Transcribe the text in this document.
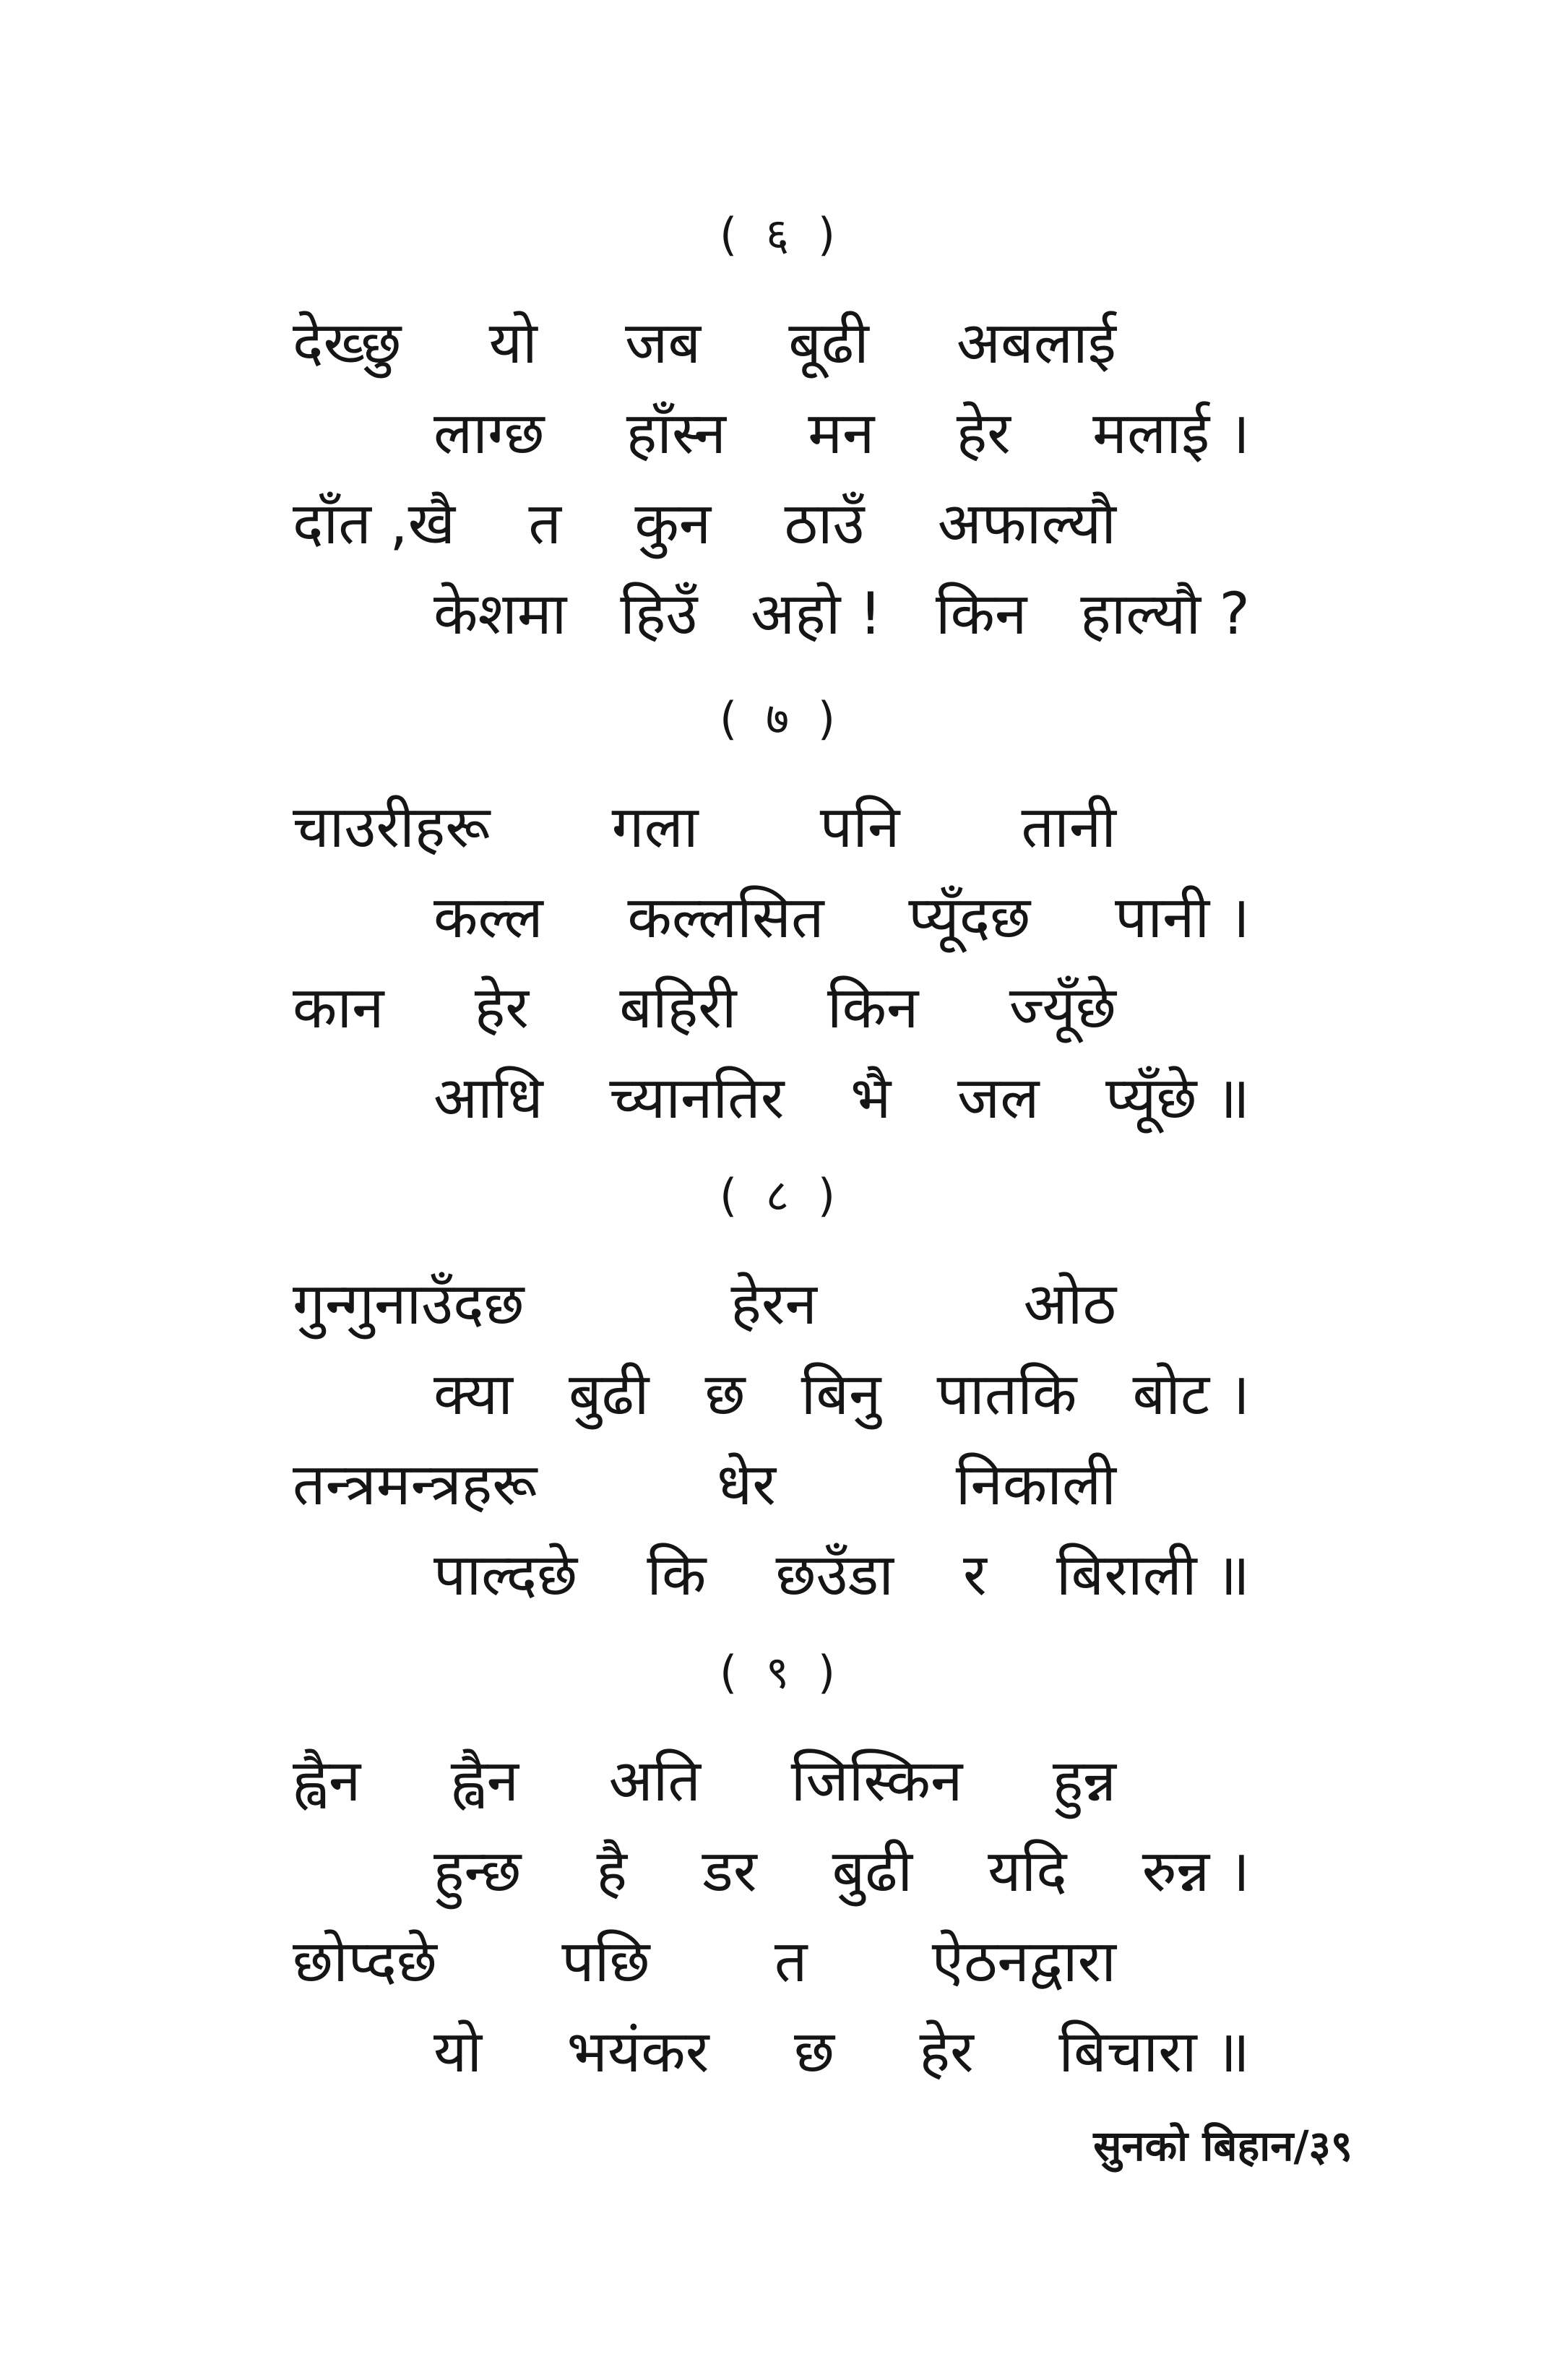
( ६ )
देख्छु यो जब बूढी अबलाई
लाग्छ हाँस्न मन हेर मलाई ।
दाँत ,खै त कुन ठाउँ अफाल्यौ
केशमा हिउँ अहो ! किन हाल्यौ ?
( ७ )
चाउरीहरू गला पनि तानी
कल्ल कल्लसित प्यूँदछ पानी ।
कान हेर बहिरी किन ज्यूँछे
आधि च्यानतिर भै जल प्यूँछे ॥
( ८ )
गुन्गुनाउँदछ	हेरन	ओठ
क्या बुढी छ बिनु पातकि बोट ।
तन्त्रमन्त्रहरू	धेर	निकाली
पाल्दछे कि छउँडा र बिराली ॥
( ९ )
ह्वैन ह्वैन अति जिस्किन हुन्न
हुन्छ है डर बुढी यदि रुन्न ।
छोप्दछे पछि त ऐठनद्वारा
यो भयंकर छ हेर बिचारा ॥
सुनको बिहान/३९
